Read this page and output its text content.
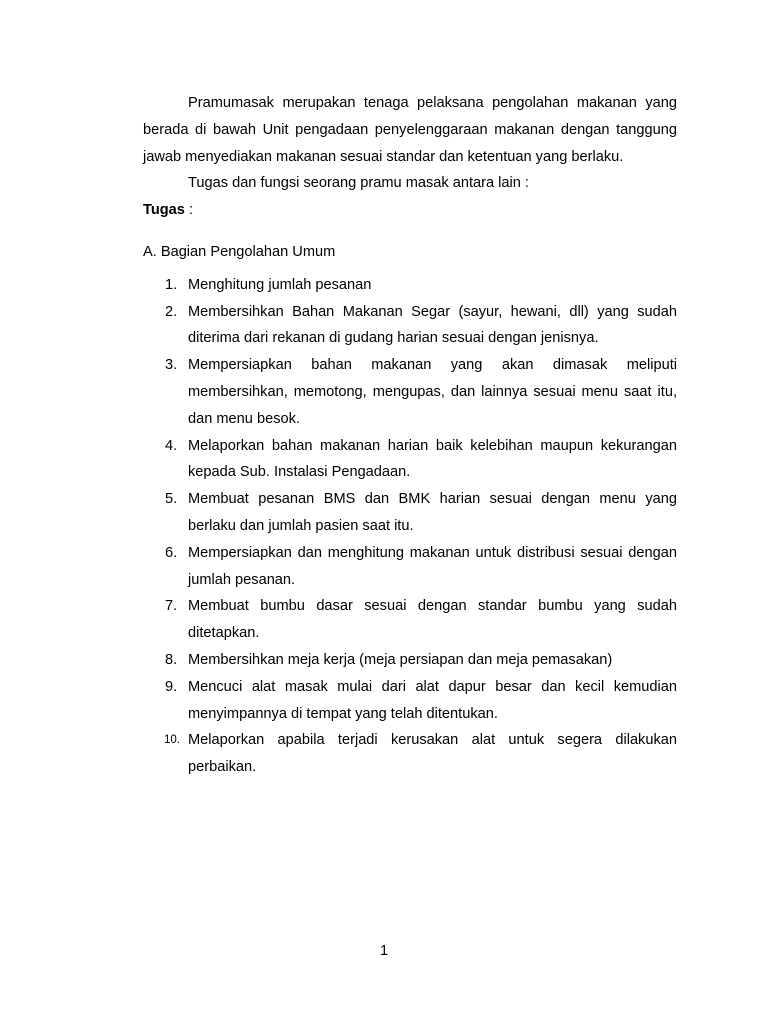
Pramumasak merupakan tenaga pelaksana pengolahan makanan yang berada di bawah Unit pengadaan penyelenggaraan makanan dengan tanggung jawab menyediakan makanan sesuai standar dan ketentuan yang berlaku.

Tugas dan fungsi seorang pramu masak antara lain :

Tugas :

A. Bagian Pengolahan Umum

1. Menghitung jumlah pesanan
2. Membersihkan Bahan Makanan Segar (sayur, hewani, dll) yang sudah diterima dari rekanan di gudang harian sesuai dengan jenisnya.
3. Mempersiapkan bahan makanan yang akan dimasak meliputi membersihkan, memotong, mengupas, dan lainnya sesuai menu saat itu, dan menu besok.
4. Melaporkan bahan makanan harian baik kelebihan maupun kekurangan kepada Sub. Instalasi Pengadaan.
5. Membuat pesanan BMS dan BMK harian sesuai dengan menu yang berlaku dan jumlah pasien saat itu.
6. Mempersiapkan dan menghitung makanan untuk distribusi sesuai dengan jumlah pesanan.
7. Membuat bumbu dasar sesuai dengan standar bumbu yang sudah ditetapkan.
8. Membersihkan meja kerja (meja persiapan dan meja pemasakan)
9. Mencuci alat masak mulai dari alat dapur besar dan kecil kemudian menyimpannya di tempat yang telah ditentukan.
10. Melaporkan apabila terjadi kerusakan alat untuk segera dilakukan perbaikan.
1
